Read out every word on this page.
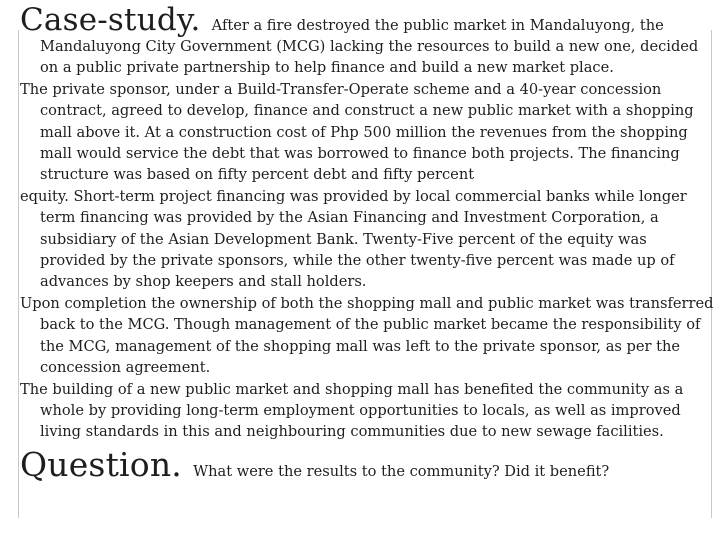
Case-study. After a fire destroyed the public market in Mandaluyong, the

Mandaluyong City Government (MCG) lacking the resources to build a new one, decided on a public private partnership to help finance and build a new market place.

The private sponsor, under a Build-Transfer-Operate scheme and a 40-year concession contract, agreed to develop, finance and construct a new public market with a shopping mall above it. At a construction cost of Php 500 million the revenues from the shopping mall would service the debt that was borrowed to finance both projects. The financing structure was based on fifty percent debt and fifty percent

equity. Short-term project financing was provided by local commercial banks while longer term financing was provided by the Asian Financing and Investment Corporation, a subsidiary of the Asian Development Bank. Twenty-Five percent of the equity was provided by the private sponsors, while the other twenty-five percent was made up of advances by shop keepers and stall holders.

Upon completion the ownership of both the shopping mall and public market was transferred back to the MCG. Though management of the public market became the responsibility of the MCG, management of the shopping mall was left to the private sponsor, as per the concession agreement.

The building of a new public market and shopping mall has benefited the community as a whole by providing long-term employment opportunities to locals, as well as improved living standards in this and neighbouring communities due to new sewage facilities.

Question. What were the results to the community? Did it benefit?
